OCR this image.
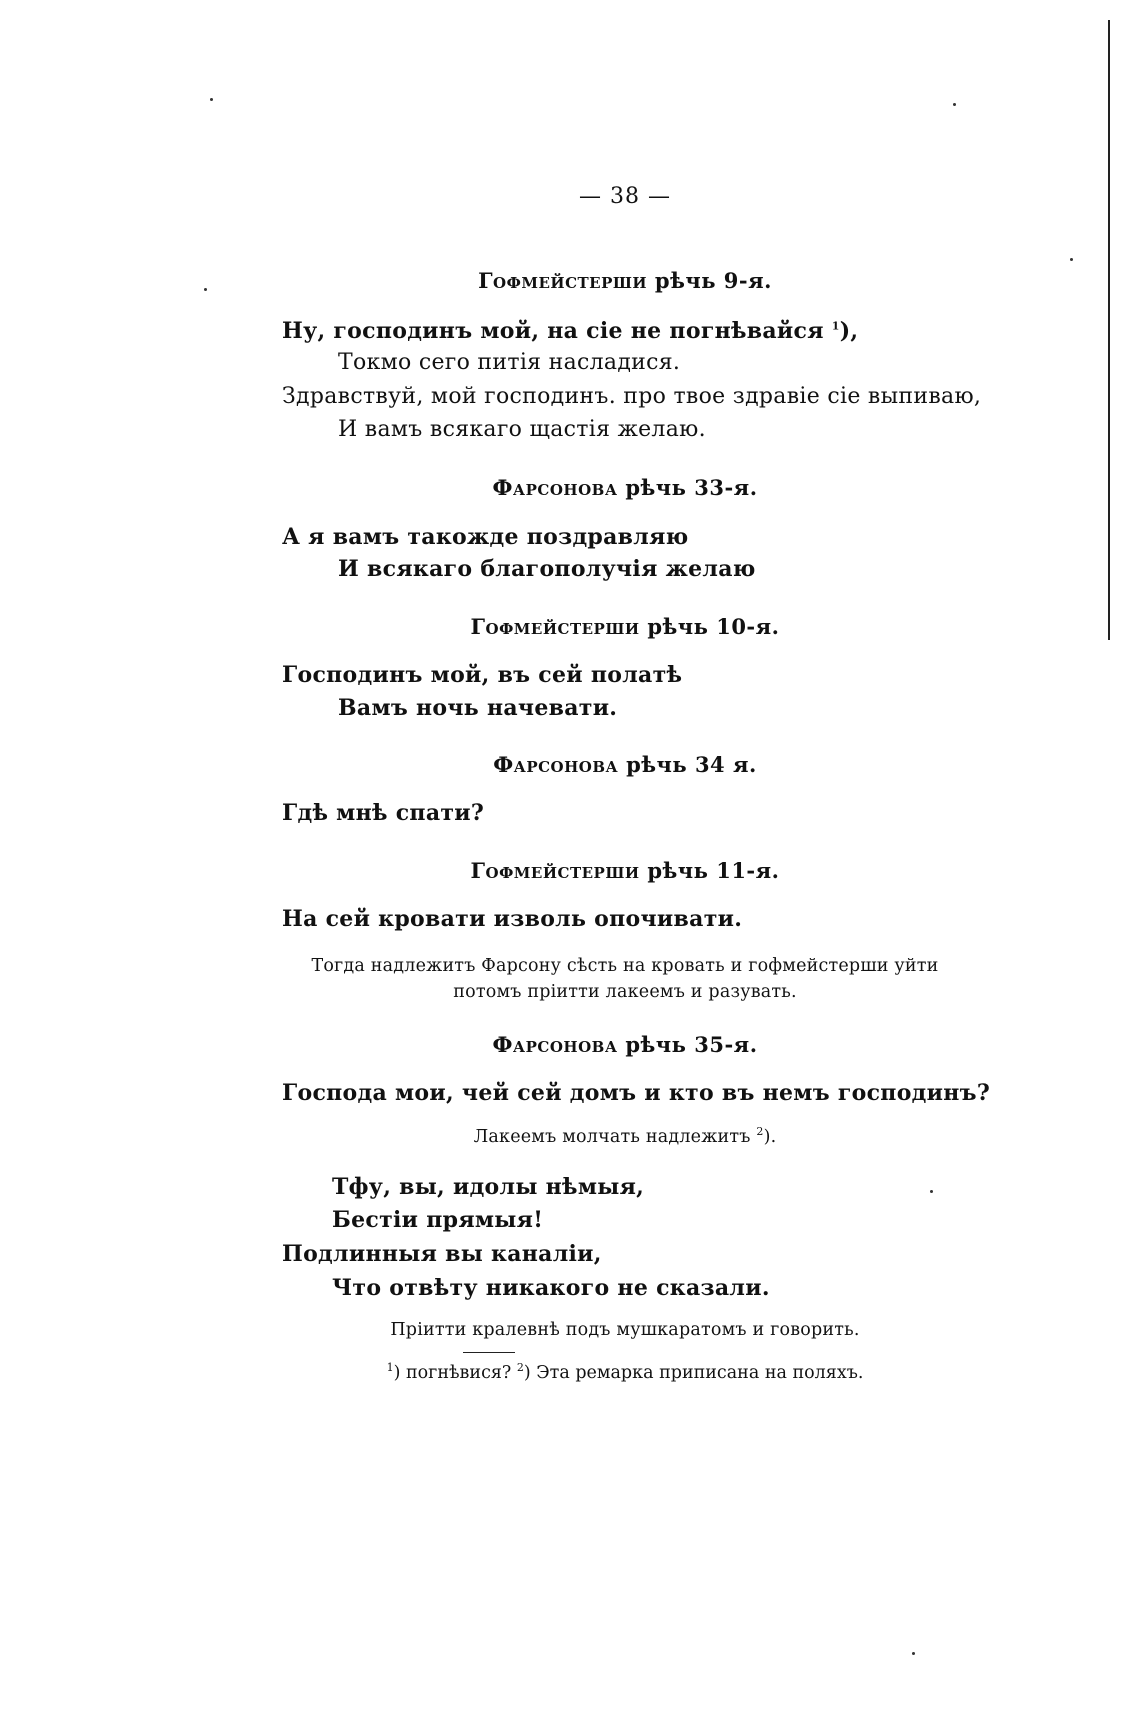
— 38 —
Гофмейстерши рѣчь 9-я.
Ну, господинъ мой, на сіе не погнѣвайся $^1$),
Токмо сего питія насладися.
Здравствуй, мой господинъ. про твое здравіе сіе выпиваю,
И вамъ всякаго щастія желаю.
Фарсонова рѣчь 33-я.
А я вамъ такожде поздравляю
И всякаго благополучія желаю
Гофмейстерши рѣчь 10-я.
Господинъ мой, въ сей полатѣ
Вамъ ночь начевати.
Фарсонова рѣчь 34 я.
Гдѣ мнѣ спати?
Гофмейстерши рѣчь 11-я.
На сей кровати изволь опочивати.
Тогда надлежитъ Фарсону сѣсть на кровать и гофмейстерши уйти
потомъ пріитти лакеемъ и разувать.
Фарсонова рѣчь 35-я.
Господа мои, чей сей домъ и кто въ немъ господинъ?
Лакеемъ молчать надлежитъ $^2$).
Тфу, вы, идолы нѣмыя,
Бестіи прямыя!
Подлинныя вы каналіи,
Что отвѣту никакого не сказали.
Пріитти кралевнѣ подъ мушкаратомъ и говорить.
$^1$) погнѣвися? $^2$) Эта ремарка приписана на поляхъ.
